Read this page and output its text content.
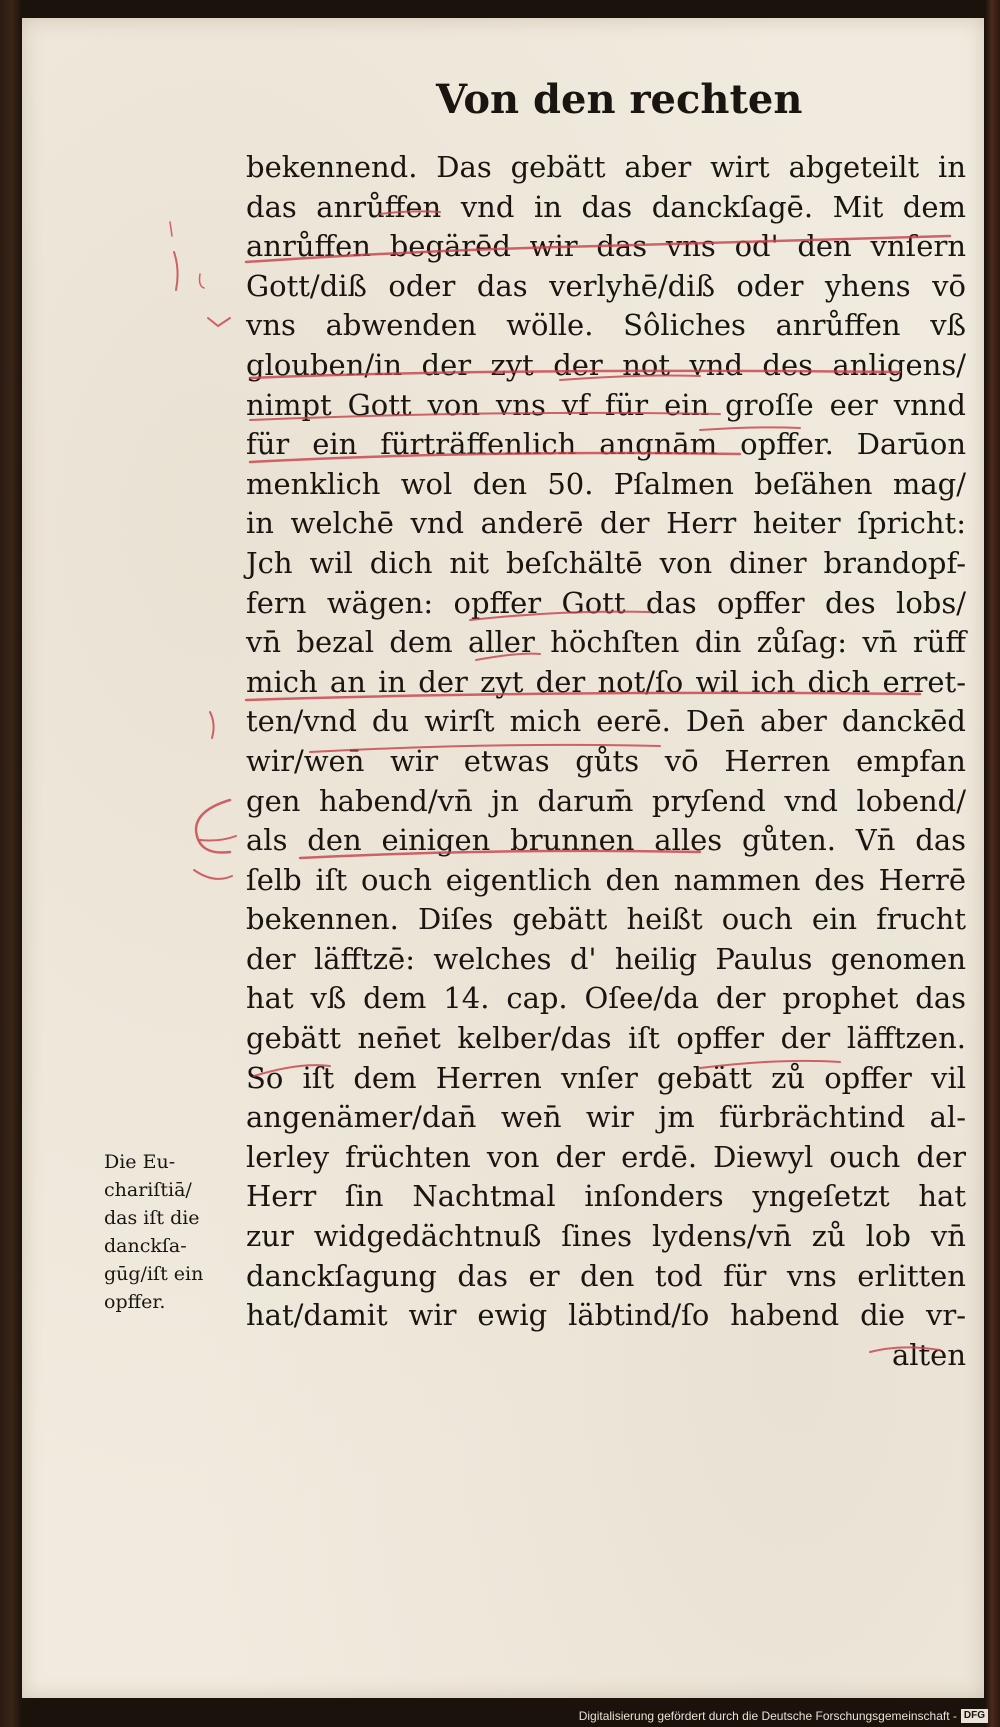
Von den rechten
bekennend. Das gebätt aber wirt abgeteilt in
das anrůffen vnd in das danckſagē. Mit dem
anrůffen begärēd wir das vns od' den vnſern
Gott/diß oder das verlyhē/diß oder yhens vō
vns abwenden wölle. Sôliches anrůffen vß
glouben/in der zyt der not vnd des anligens/
nimpt Gott von vns vf für ein groſſe eer vnnd
für ein fürträffenlich angnām opffer. Darūon
menklich wol den 50. Pſalmen beſähen mag/
in welchē vnd anderē der Herr heiter ſpricht:
Jch wil dich nit beſchältē von diner brandopf-
fern wägen: opffer Gott das opffer des lobs/
vn̄ bezal dem aller höchſten din zůſag: vn̄ rüff
mich an in der zyt der not/ſo wil ich dich erret-
ten/vnd du wirſt mich eerē. Den̄ aber danckēd
wir/wen̄ wir etwas gůts vō Herren empfan
gen habend/vn̄ jn darum̄ pryſend vnd lobend/
als den einigen brunnen alles gůten. Vn̄ das
ſelb iſt ouch eigentlich den nammen des Herrē
bekennen. Diſes gebätt heißt ouch ein frucht
der läfftzē: welches d' heilig Paulus genomen
hat vß dem 14. cap. Oſee/da der prophet das
gebätt nen̄et kelber/das iſt opffer der läfftzen.
So iſt dem Herren vnſer gebätt zů opffer vil
angenämer/dan̄ wen̄ wir jm fürbrächtind al-
lerley früchten von der erdē. Diewyl ouch der
Herr ſin Nachtmal inſonders yngeſetzt hat
zur widgedächtnuß ſines lydens/vn̄ zů lob vn̄
danckſagung das er den tod für vns erlitten
hat/damit wir ewig läbtind/ſo habend die vr-
alten
Die Eu-
chariſtiā/
das iſt die
danckſa-
gūg/iſt ein
opffer.
Digitalisierung gefördert durch die Deutsche Forschungsgemeinschaft - DFG
